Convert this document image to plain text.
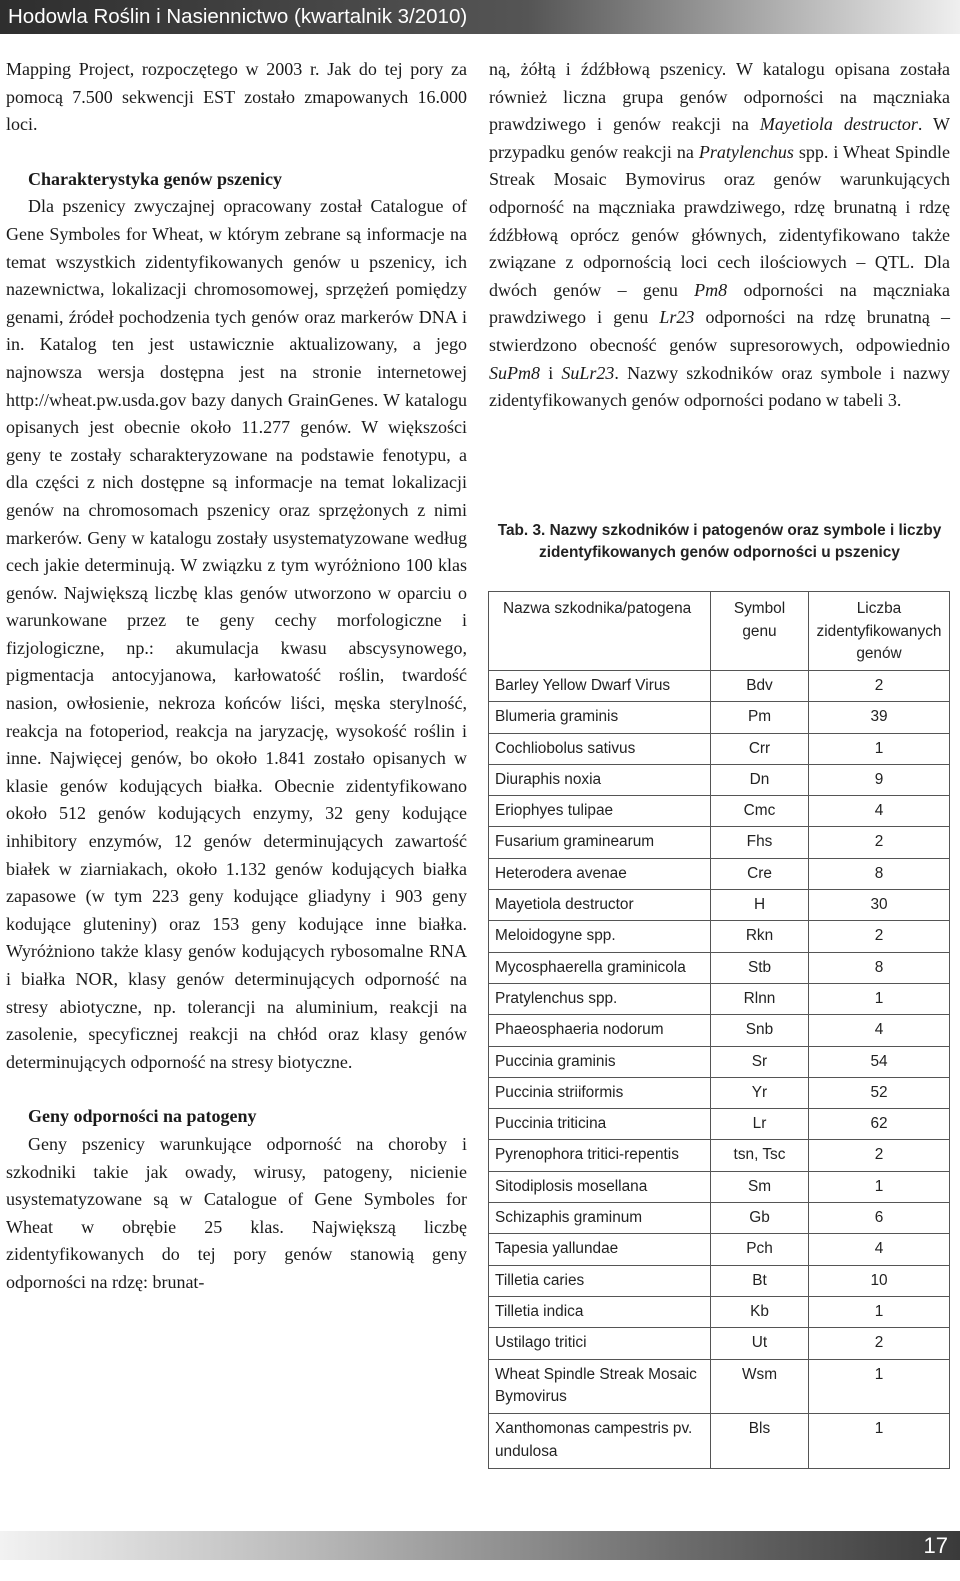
Hodowla Roślin i Nasiennictwo (kwartalnik 3/2010)

Mapping Project, rozpoczętego w 2003 r. Jak do tej pory za pomocą 7.500 sekwencji EST zostało zmapowanych 16.000 loci.

Charakterystyka genów pszenicy

Dla pszenicy zwyczajnej opracowany został Catalogue of Gene Symboles for Wheat, w którym zebrane są informacje na temat wszystkich zidentyfikowanych genów u pszenicy, ich nazewnictwa, lokalizacji chromosomowej, sprzężeń pomiędzy genami, źródeł pochodzenia tych genów oraz markerów DNA i in. Katalog ten jest ustawicznie aktualizowany, a jego najnowsza wersja dostępna jest na stronie internetowej http://wheat.pw.usda.gov bazy danych GrainGenes. W katalogu opisanych jest obecnie około 11.277 genów. W większości geny te zostały scharakteryzowane na podstawie fenotypu, a dla części z nich dostępne są informacje na temat lokalizacji genów na chromosomach pszenicy oraz sprzężonych z nimi markerów. Geny w katalogu zostały usystematyzowane według cech jakie determinują. W związku z tym wyróżniono 100 klas genów. Największą liczbę klas genów utworzono w oparciu o warunkowane przez te geny cechy morfologiczne i fizjologiczne, np.: akumulacja kwasu abscysynowego, pigmentacja antocyjanowa, karłowatość roślin, twardość nasion, owłosienie, nekroza końców liści, męska sterylność, reakcja na fotoperiod, reakcja na jaryzację, wysokość roślin i inne. Najwięcej genów, bo około 1.841 zostało opisanych w klasie genów kodujących białka. Obecnie zidentyfikowano około 512 genów kodujących enzymy, 32 geny kodujące inhibitory enzymów, 12 genów determinujących zawartość białek w ziarniakach, około 1.132 genów kodujących białka zapasowe (w tym 223 geny kodujące gliadyny i 903 geny kodujące gluteniny) oraz 153 geny kodujące inne białka. Wyróżniono także klasy genów kodujących rybosomalne RNA i białka NOR, klasy genów determinujących odporność na stresy abiotyczne, np. tolerancji na aluminium, reakcji na zasolenie, specyficznej reakcji na chłód oraz klasy genów determinujących odporność na stresy biotyczne.

Geny odporności na patogeny

Geny pszenicy warunkujące odporność na choroby i szkodniki takie jak owady, wirusy, patogeny, nicienie usystematyzowane są w Catalogue of Gene Symboles for Wheat w obrębie 25 klas. Największą liczbę zidentyfikowanych do tej pory genów stanowią geny odporności na rdzę: brunat-

ną, żółtą i źdźbłową pszenicy. W katalogu opisana została również liczna grupa genów odporności na mączniaka prawdziwego i genów reakcji na Mayetiola destructor. W przypadku genów reakcji na Pratylenchus spp. i Wheat Spindle Streak Mosaic Bymovirus oraz genów warunkujących odporność na mączniaka prawdziwego, rdzę brunatną i rdzę źdźbłową oprócz genów głównych, zidentyfikowano także związane z odpornością loci cech ilościowych – QTL. Dla dwóch genów – genu Pm8 odporności na mączniaka prawdziwego i genu Lr23 odporności na rdzę brunatną – stwierdzono obecność genów supresorowych, odpowiednio SuPm8 i SuLr23. Nazwy szkodników oraz symbole i nazwy zidentyfikowanych genów odporności podano w tabeli 3.

Tab. 3. Nazwy szkodników i patogenów oraz symbole i liczby zidentyfikowanych genów odporności u pszenicy
Nazwa szkodnika/patogena	Symbol genu	Liczba zidentyfikowanych genów
Barley Yellow Dwarf Virus	Bdv	2
Blumeria graminis	Pm	39
Cochliobolus sativus	Crr	1
Diuraphis noxia	Dn	9
Eriophyes tulipae	Cmc	4
Fusarium graminearum	Fhs	2
Heterodera avenae	Cre	8
Mayetiola destructor	H	30
Meloidogyne spp.	Rkn	2
Mycosphaerella graminicola	Stb	8
Pratylenchus spp.	Rlnn	1
Phaeosphaeria nodorum	Snb	4
Puccinia graminis	Sr	54
Puccinia striiformis	Yr	52
Puccinia triticina	Lr	62
Pyrenophora tritici-repentis	tsn, Tsc	2
Sitodiplosis mosellana	Sm	1
Schizaphis graminum	Gb	6
Tapesia yallundae	Pch	4
Tilletia caries	Bt	10
Tilletia indica	Kb	1
Ustilago tritici	Ut	2
Wheat Spindle Streak Mosaic Bymovirus	Wsm	1
Xanthomonas campestris pv. undulosa	Bls	1
17
